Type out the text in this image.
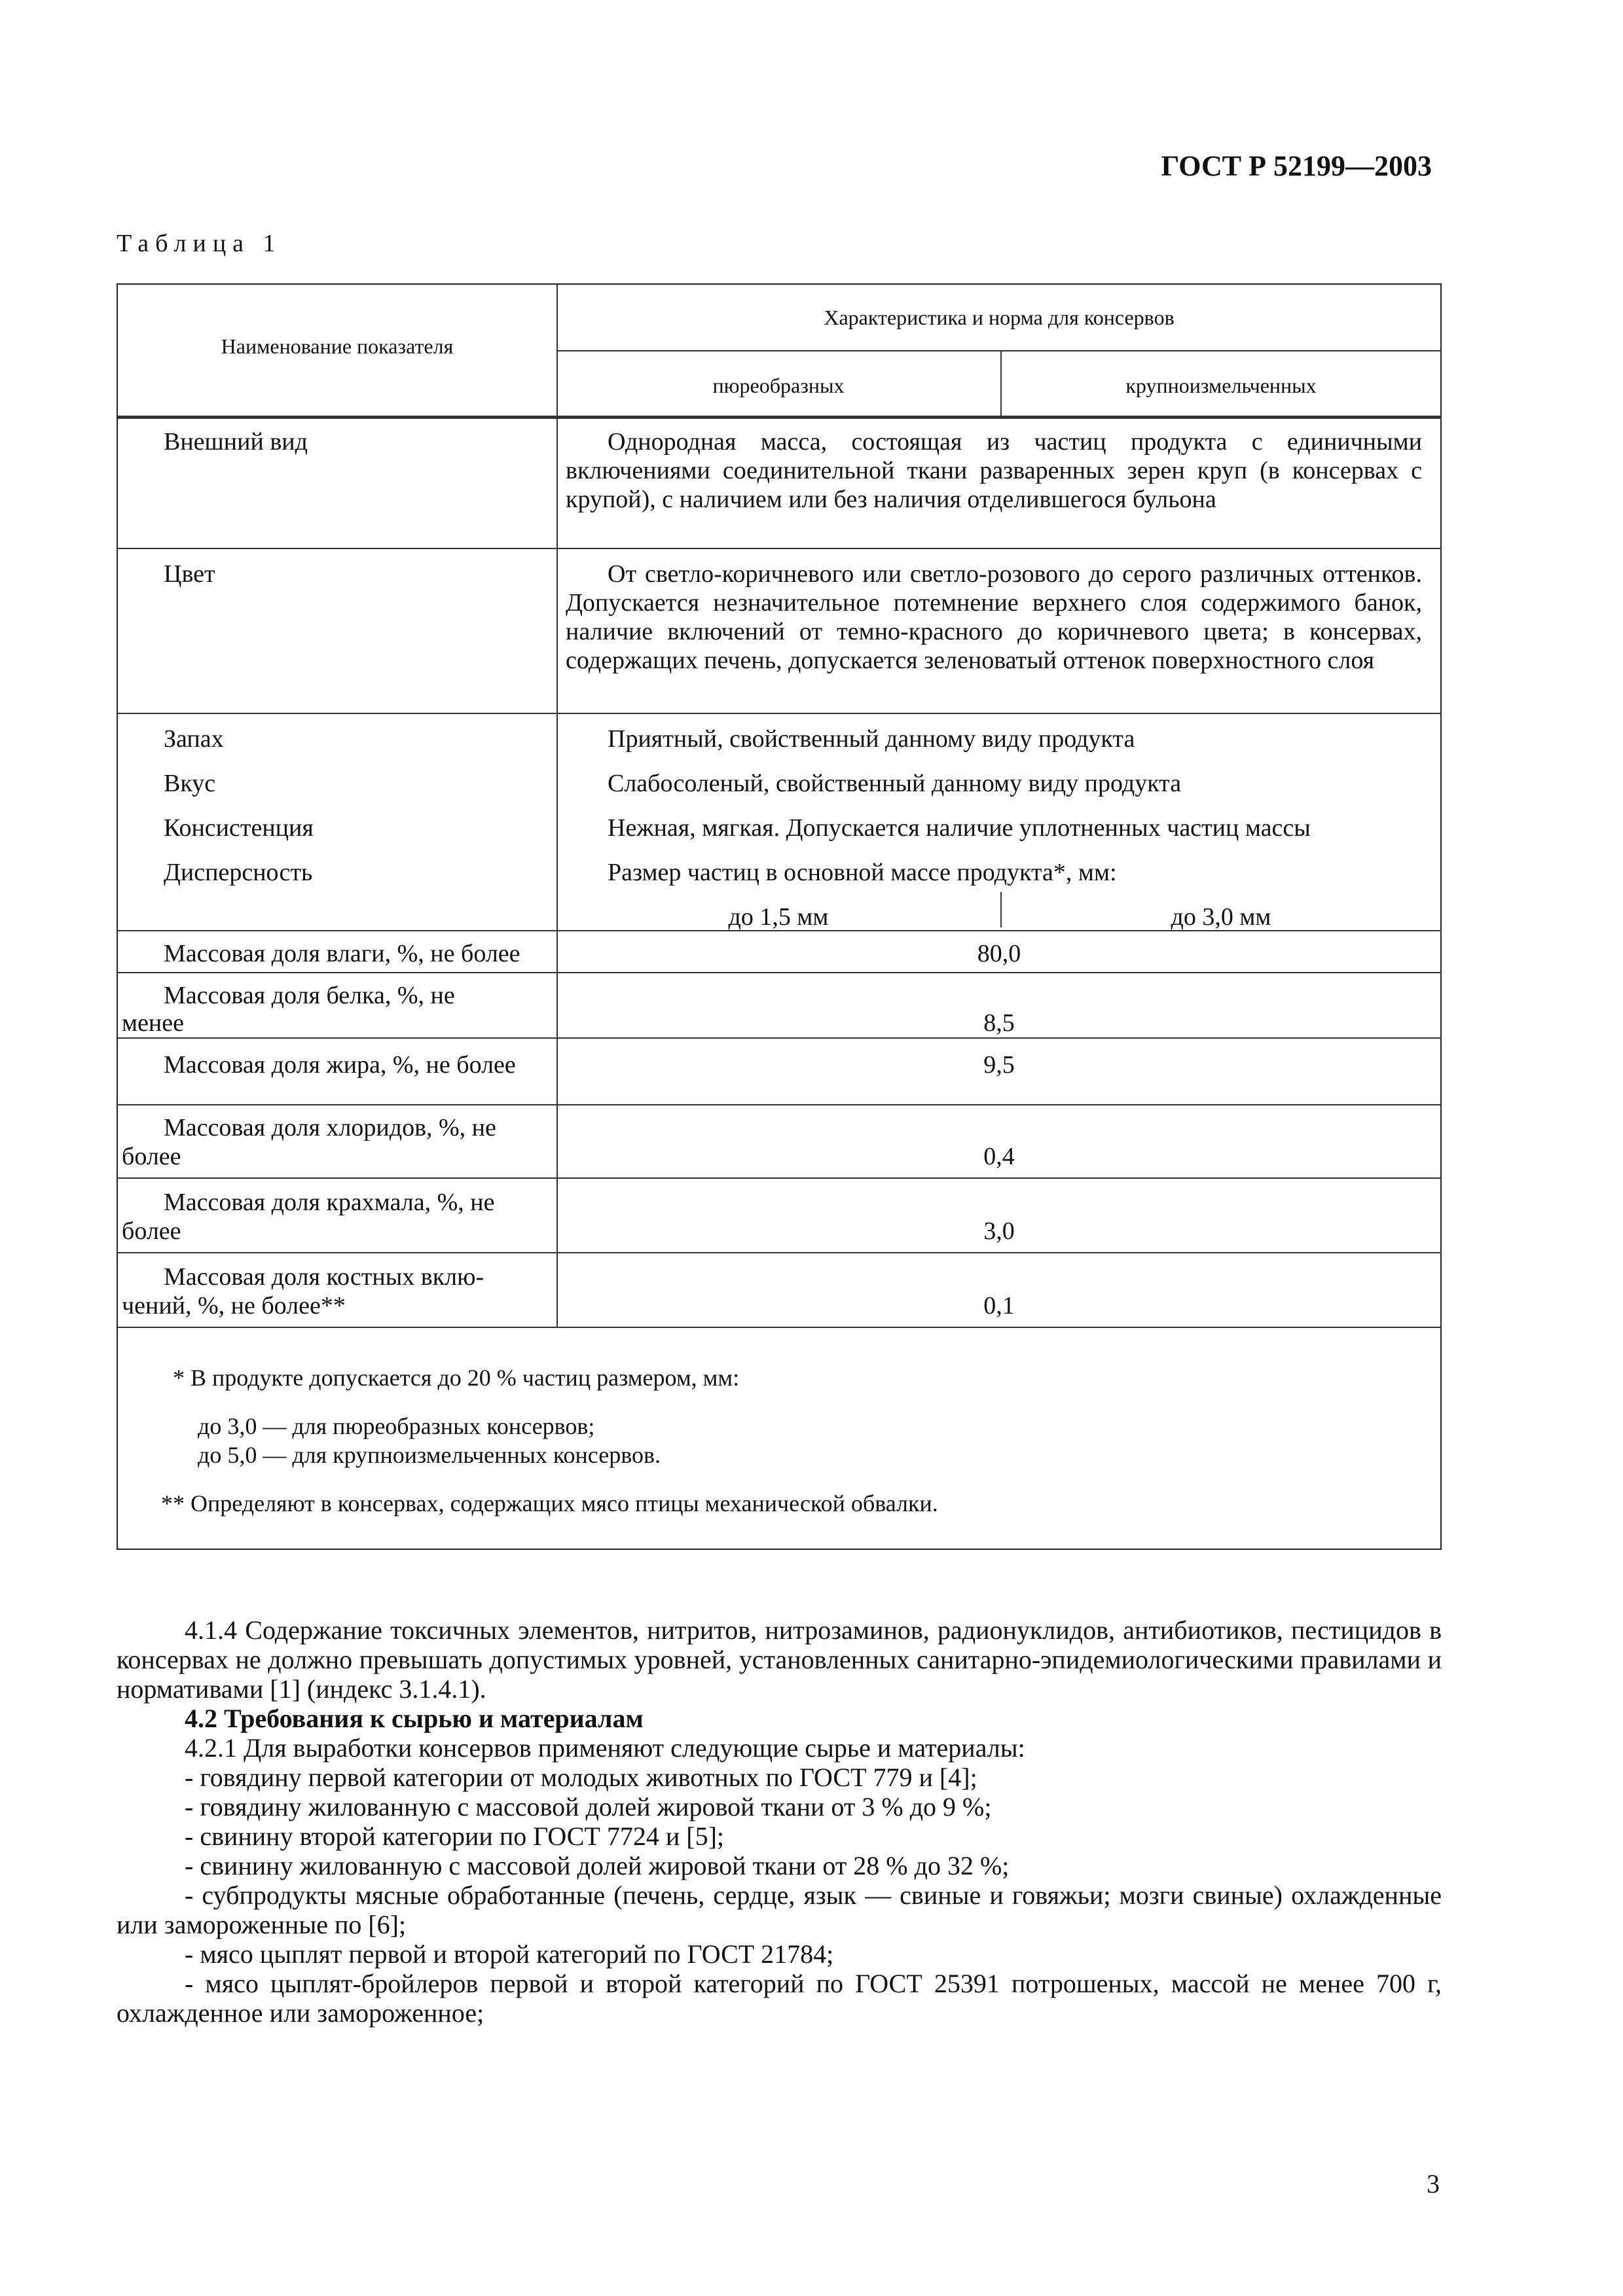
ГОСТ Р 52199—2003
Таблица 1
Наименование показателя
Характеристика и норма для консервов
пюреобразных	крупноизмельченных
Внешний вид	Однородная масса, состоящая из частиц продукта с единичными включениями соединительной ткани разваренных зерен круп (в консервах с крупой), с наличием или без наличия отделившегося бульона
Цвет	От светло-коричневого или светло-розового до серого различных оттенков. Допускается незначительное потемнение верхнего слоя содержимого банок, наличие включений от темно-красного до коричневого цвета; в консервах, содержащих печень, допускается зеленоватый оттенок поверхностного слоя
Запах	Приятный, свойственный данному виду продукта
Вкус	Слабосоленый, свойственный данному виду продукта
Консистенция	Нежная, мягкая. Допускается наличие уплотненных частиц массы
Дисперсность	Размер частиц в основной массе продукта*, мм:
до 1,5 мм	до 3,0 мм
Массовая доля влаги, %, не более	80,0
Массовая доля белка, %, не
менее	8,5
Массовая доля жира, %, не более	9,5
Массовая доля хлоридов, %, не
более	0,4
Массовая доля крахмала, %, не
более	3,0
Массовая доля костных вклю-
чений, %, не более**	0,1
* В продукте допускается до 20 % частиц размером, мм:
до 3,0 — для пюреобразных консервов;
до 5,0 — для крупноизмельченных консервов.
** Определяют в консервах, содержащих мясо птицы механической обвалки.

4.1.4 Содержание токсичных элементов, нитритов, нитрозаминов, радионуклидов, антибиотиков, пестицидов в консервах не должно превышать допустимых уровней, установленных санитарно-эпидемиологическими правилами и нормативами [1] (индекс 3.1.4.1).

4.2 Требования к сырью и материалам

4.2.1 Для выработки консервов применяют следующие сырье и материалы:

- говядину первой категории от молодых животных по ГОСТ 779 и [4];

- говядину жилованную с массовой долей жировой ткани от 3 % до 9 %;

- свинину второй категории по ГОСТ 7724 и [5];

- свинину жилованную с массовой долей жировой ткани от 28 % до 32 %;

- субпродукты мясные обработанные (печень, сердце, язык — свиные и говяжьи; мозги свиные) охлажденные или замороженные по [6];

- мясо цыплят первой и второй категорий по ГОСТ 21784;

- мясо цыплят-бройлеров первой и второй категорий по ГОСТ 25391 потрошеных, массой не менее 700 г, охлажденное или замороженное;

3
